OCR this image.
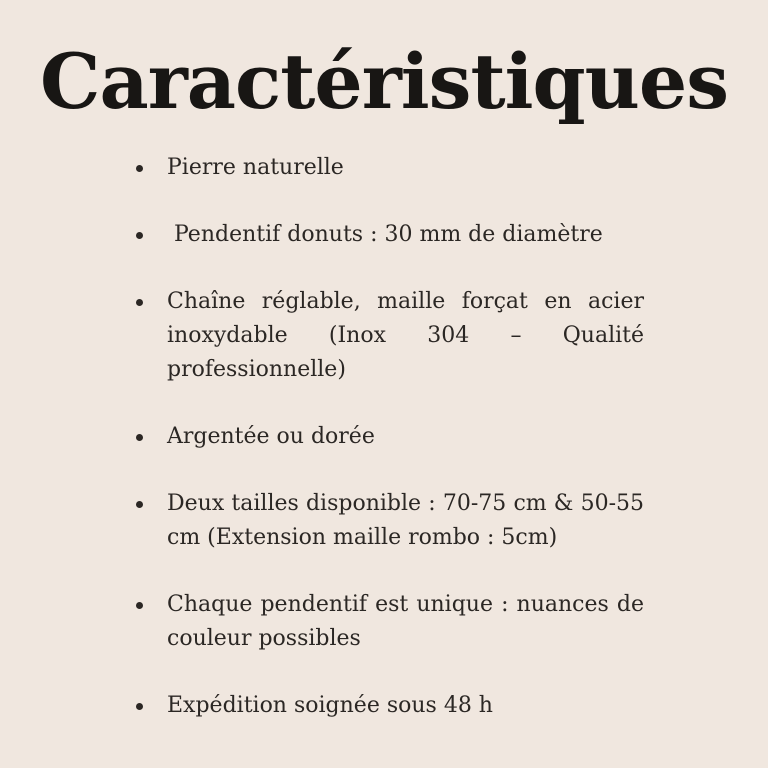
Caractéristiques
Pierre naturelle
Pendentif donuts : 30 mm de diamètre
Chaîne réglable, maille forçat en acier inoxydable (Inox 304 – Qualité professionnelle)
Argentée ou dorée
Deux tailles disponible : 70-75 cm & 50-55 cm (Extension maille rombo : 5cm)
Chaque pendentif est unique : nuances de couleur possibles
Expédition soignée sous 48 h
